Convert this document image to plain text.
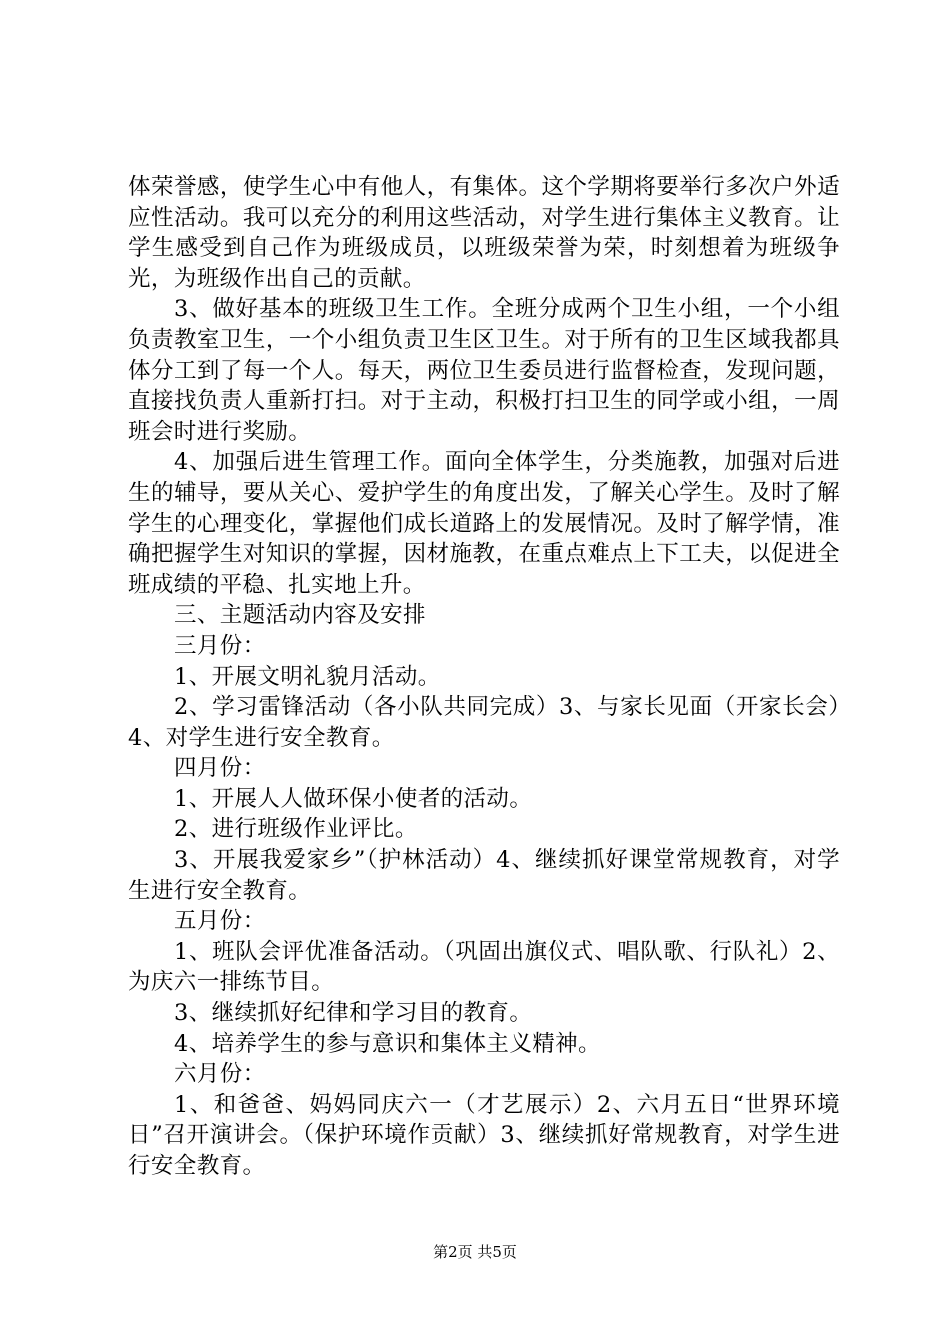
体荣誉感，使学生心中有他人，有集体。这个学期将要举行多次户外适应性活动。我可以充分的利用这些活动，对学生进行集体主义教育。让学生感受到自己作为班级成员，以班级荣誉为荣，时刻想着为班级争光，为班级作出自己的贡献。

3、做好基本的班级卫生工作。全班分成两个卫生小组，一个小组负责教室卫生，一个小组负责卫生区卫生。对于所有的卫生区域我都具体分工到了每一个人。每天，两位卫生委员进行监督检查，发现问题，直接找负责人重新打扫。对于主动，积极打扫卫生的同学或小组，一周班会时进行奖励。

4、加强后进生管理工作。面向全体学生，分类施教，加强对后进生的辅导，要从关心、爱护学生的角度出发，了解关心学生。及时了解学生的心理变化，掌握他们成长道路上的发展情况。及时了解学情，准确把握学生对知识的掌握，因材施教，在重点难点上下工夫，以促进全班成绩的平稳、扎实地上升。

三、主题活动内容及安排

三月份：

1、开展文明礼貌月活动。

2、学习雷锋活动（各小队共同完成）3、与家长见面（开家长会）4、对学生进行安全教育。

四月份：

1、开展人人做环保小使者的活动。

2、进行班级作业评比。

3、开展我爱家乡”（护林活动）4、继续抓好课堂常规教育，对学生进行安全教育。

五月份：

1、班队会评优准备活动。（巩固出旗仪式、唱队歌、行队礼）2、为庆六一排练节目。

3、继续抓好纪律和学习目的教育。

4、培养学生的参与意识和集体主义精神。

六月份：

1、和爸爸、妈妈同庆六一（才艺展示）2、六月五日“世界环境日”召开演讲会。（保护环境作贡献）3、继续抓好常规教育，对学生进行安全教育。

第2页 共5页
